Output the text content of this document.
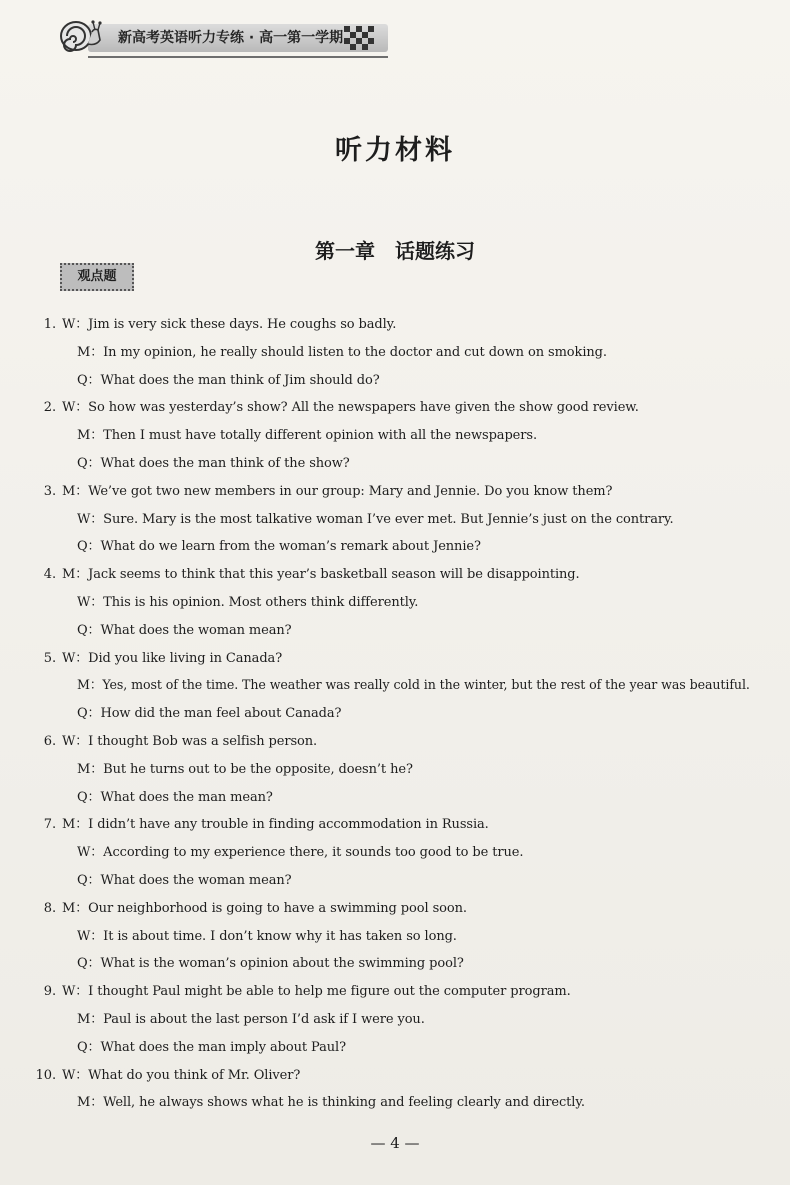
新高考英语听力专练 · 高一第一学期
听力材料
第一章　话题练习
观点题
1. W：Jim is very sick these days. He coughs so badly.
M：In my opinion, he really should listen to the doctor and cut down on smoking.
Q：What does the man think of Jim should do?
2. W：So how was yesterday’s show? All the newspapers have given the show good review.
M：Then I must have totally different opinion with all the newspapers.
Q：What does the man think of the show?
3. M：We’ve got two new members in our group: Mary and Jennie. Do you know them?
W：Sure. Mary is the most talkative woman I’ve ever met. But Jennie’s just on the contrary.
Q：What do we learn from the woman’s remark about Jennie?
4. M：Jack seems to think that this year’s basketball season will be disappointing.
W：This is his opinion. Most others think differently.
Q：What does the woman mean?
5. W：Did you like living in Canada?
M：Yes, most of the time. The weather was really cold in the winter, but the rest of the year was beautiful.
Q：How did the man feel about Canada?
6. W：I thought Bob was a selfish person.
M：But he turns out to be the opposite, doesn’t he?
Q：What does the man mean?
7. M：I didn’t have any trouble in finding accommodation in Russia.
W：According to my experience there, it sounds too good to be true.
Q：What does the woman mean?
8. M：Our neighborhood is going to have a swimming pool soon.
W：It is about time. I don’t know why it has taken so long.
Q：What is the woman’s opinion about the swimming pool?
9. W：I thought Paul might be able to help me figure out the computer program.
M：Paul is about the last person I’d ask if I were you.
Q：What does the man imply about Paul?
10. W：What do you think of Mr. Oliver?
M：Well, he always shows what he is thinking and feeling clearly and directly.
— 4 —
